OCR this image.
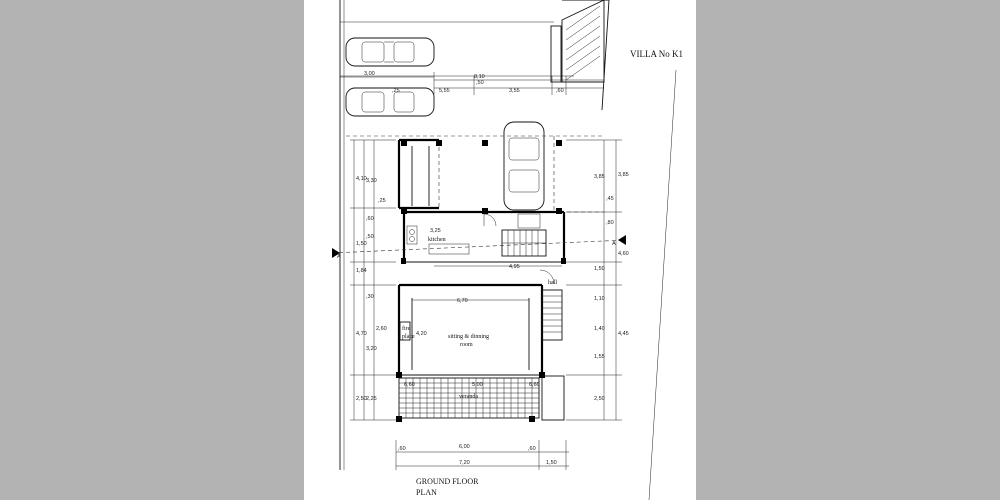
VILLA No K1
GROUND FLOOR
PLAN
3,00	8,10
,50
,25	5,55	3,55	,60
A
A
4,10
1,50
1,84
4,70
3,20
2,50
3,30
,25
,60
,50
,30
2,60
2,25
3,85
,45
,80
1,50
1,10
1,40
1,55
2,50
3,85
4,60
4,45
3,25
4,95
6,70
4,20
6,60	6,60
5,00
6,00
7,20	1,50
,60	,60
kitchen
hall
fire
place	sitting & dinning
room
veranda
